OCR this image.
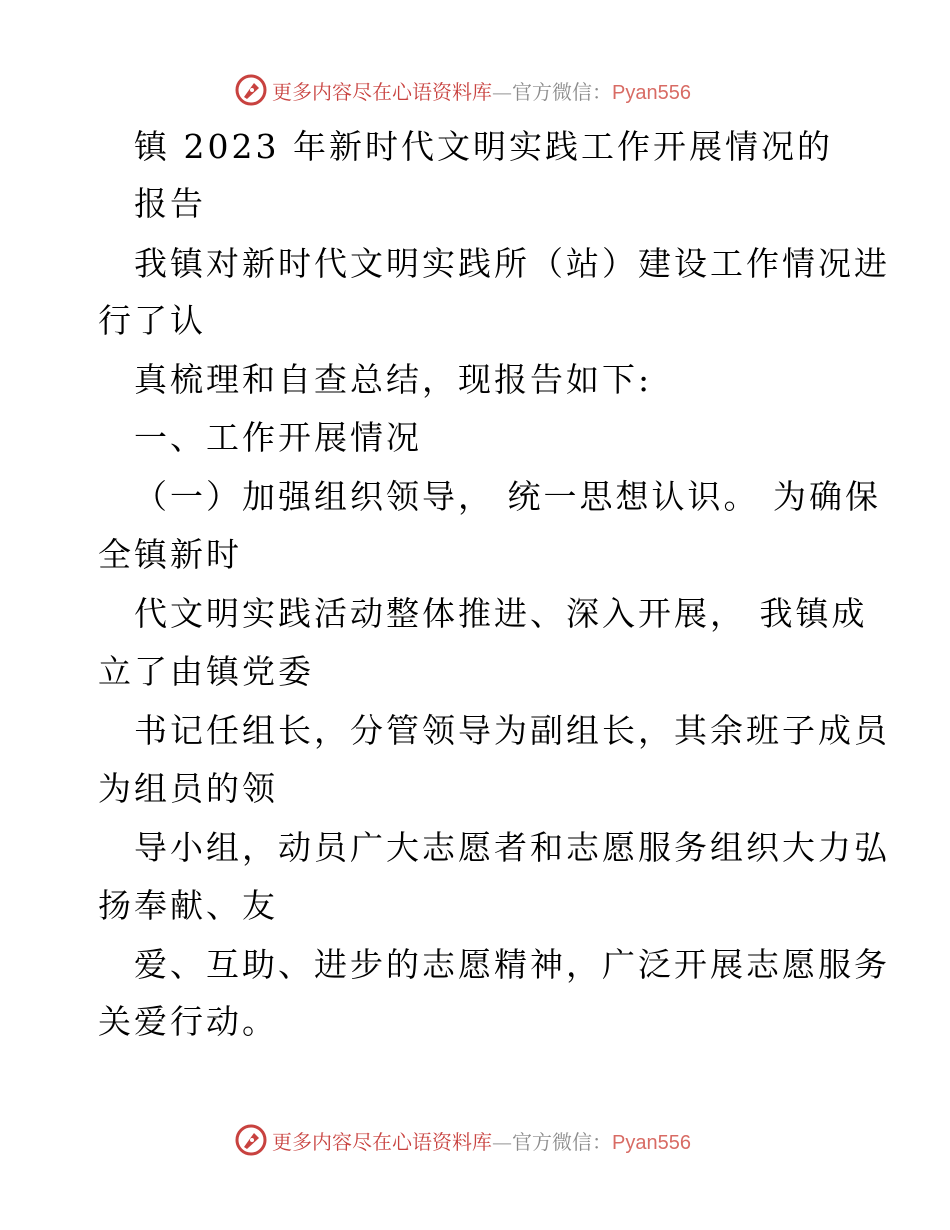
更多内容尽在心语资料库—官方微信：Pyan556
镇 2023 年新时代文明实践工作开展情况的
报告
我镇对新时代文明实践所（站）建设工作情况进
行了认
真梳理和自查总结，现报告如下:
一、工作开展情况
（一）加强组织领导， 统一思想认识。 为确保
全镇新时
代文明实践活动整体推进、深入开展， 我镇成
立了由镇党委
书记任组长，分管领导为副组长，其余班子成员
为组员的领
导小组，动员广大志愿者和志愿服务组织大力弘
扬奉献、友
爱、互助、进步的志愿精神，广泛开展志愿服务
关爱行动。
更多内容尽在心语资料库—官方微信：Pyan556
